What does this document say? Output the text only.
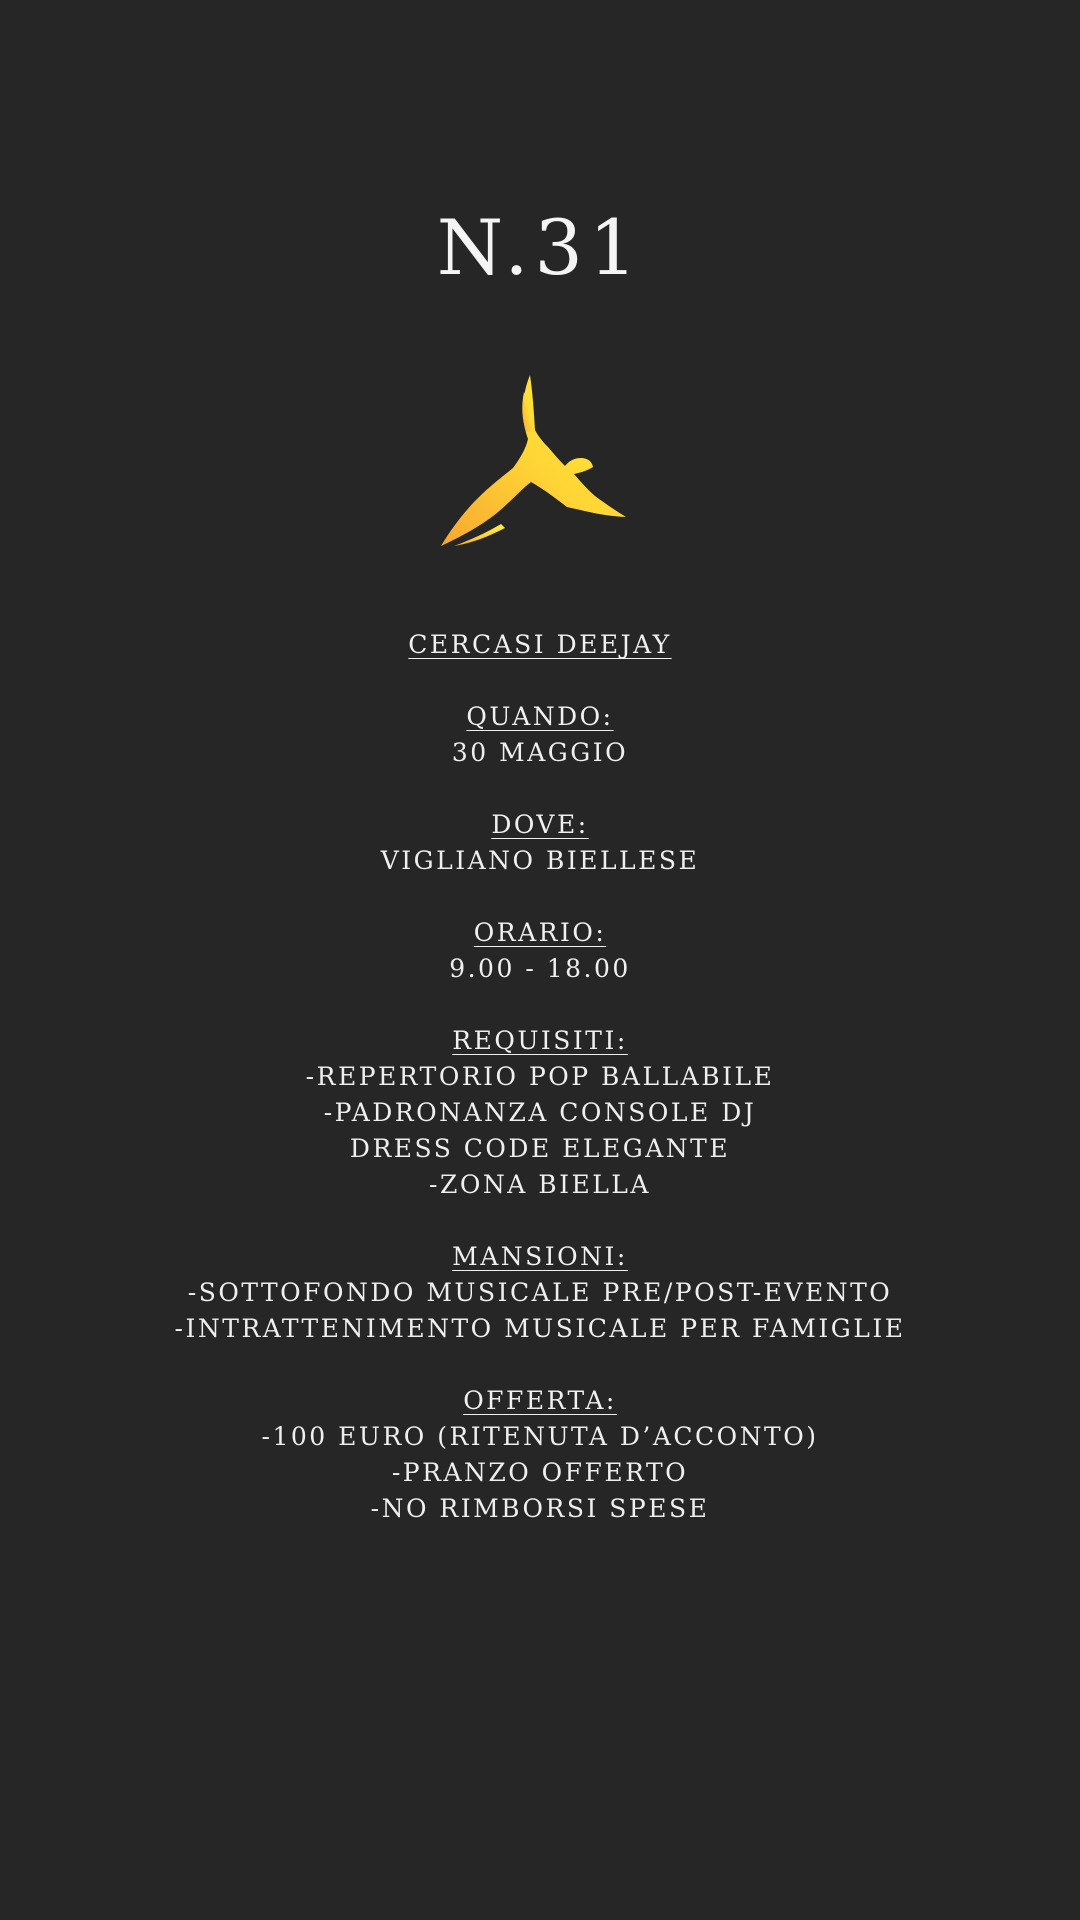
N.31
CERCASI DEEJAY
QUANDO:
30 MAGGIO
DOVE:
VIGLIANO BIELLESE
ORARIO:
9.00 - 18.00
REQUISITI:
-REPERTORIO POP BALLABILE
-PADRONANZA CONSOLE DJ
DRESS CODE ELEGANTE
-ZONA BIELLA
MANSIONI:
-SOTTOFONDO MUSICALE PRE/POST-EVENTO
-INTRATTENIMENTO MUSICALE PER FAMIGLIE
OFFERTA:
-100 EURO (RITENUTA D’ACCONTO)
-PRANZO OFFERTO
-NO RIMBORSI SPESE
